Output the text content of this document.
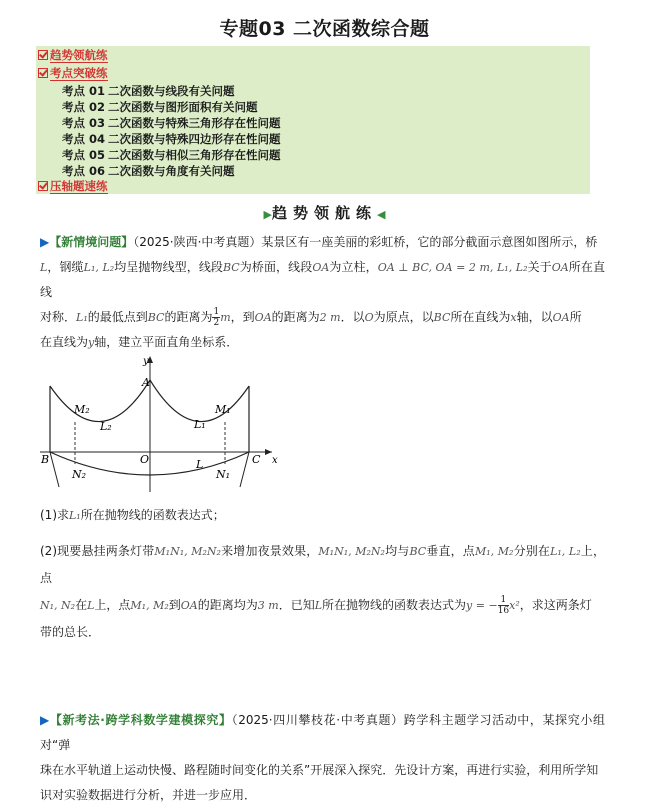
专题03 二次函数综合题
趋势领航练
考点突破练
考点 01 二次函数与线段有关问题
考点 02 二次函数与图形面积有关问题
考点 03 二次函数与特殊三角形存在性问题
考点 04 二次函数与特殊四边形存在性问题
考点 05 二次函数与相似三角形存在性问题
考点 06 二次函数与角度有关问题
压轴题速练
▶趋势领航练◀

▶【新情境问题】（2025·陕西·中考真题）某景区有一座美丽的彩虹桥，它的部分截面示意图如图所示，桥
L，钢缆L₁, L₂均呈抛物线型，线段BC为桥面，线段OA为立柱，OA ⊥ BC, OA = 2 m, L₁, L₂关于OA所在直线
对称．L₁的最低点到BC的距离为 $\frac{1}{2}$ m，到OA的距离为2 m．以O为原点，以BC所在直线为x轴，以OA所
在直线为y轴，建立平面直角坐标系．

y
A
M₂	M₁
L₂	L₁
B	O	C x
N₂
L
N₁

(1)求L₁所在抛物线的函数表达式；

(2)现要悬挂两条灯带M₁N₁, M₂N₂来增加夜景效果，M₁N₁, M₂N₂均与BC垂直，点M₁, M₂分别在L₁, L₂上，点
N₁, N₂在L上，点M₁, M₂到OA的距离均为3 m．已知L所在抛物线的函数表达式为y = − $\frac{1}{16} x^2$，求这两条灯
带的总长．

▶【新考法·跨学科数学建模探究】（2025·四川攀枝花·中考真题）跨学科主题学习活动中，某探究小组对“弹
珠在水平轨道上运动快慢、路程随时间变化的关系”开展深入探究．先设计方案，再进行实验，利用所学知
识对实验数据进行分析，并进一步应用．
